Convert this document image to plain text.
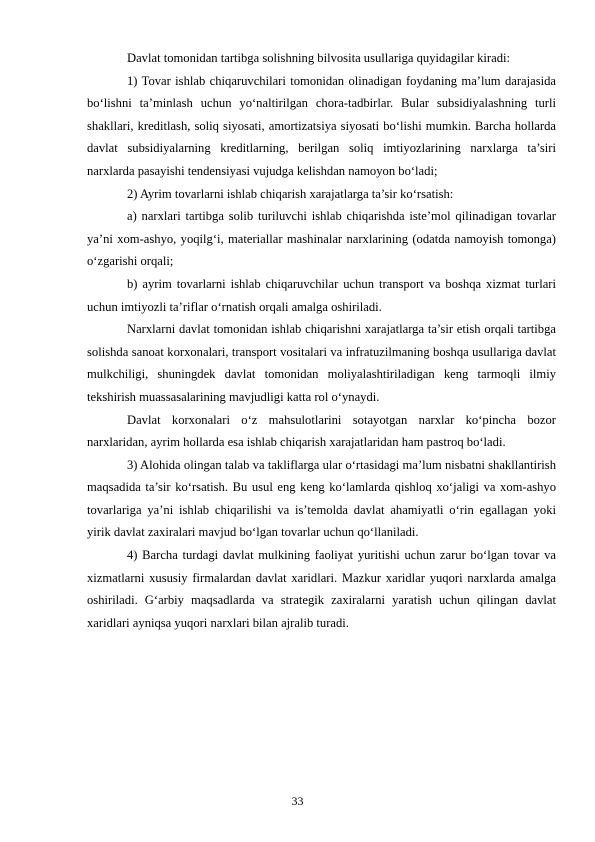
Davlat tomonidan tartibga solishning bilvosita usullariga quyidagilar kiradi:

1) Tovar ishlab chiqaruvchilari tomonidan olinadigan foydaning ma’lum darajasida bo‘lishni ta’minlash uchun yo‘naltirilgan chora-tadbirlar. Bular subsidiyalashning turli shakllari, kreditlash, soliq siyosati, amortizatsiya siyosati bo‘lishi mumkin. Barcha hollarda davlat subsidiyalarning kreditlarning, berilgan soliq imtiyozlarining narxlarga ta’siri narxlarda pasayishi tendensiyasi vujudga kelishdan namoyon bo‘ladi;

2) Ayrim tovarlarni ishlab chiqarish xarajatlarga ta’sir ko‘rsatish:

a) narxlari tartibga solib turiluvchi ishlab chiqarishda iste’mol qilinadigan tovarlar ya’ni xom-ashyo, yoqilg‘i, materiallar mashinalar narxlarining (odatda namoyish tomonga) o‘zgarishi orqali;

b) ayrim tovarlarni ishlab chiqaruvchilar uchun transport va boshqa xizmat turlari uchun imtiyozli ta’riflar o‘rnatish orqali amalga oshiriladi.

Narxlarni davlat tomonidan ishlab chiqarishni xarajatlarga ta’sir etish orqali tartibga solishda sanoat korxonalari, transport vositalari va infratuzilmaning boshqa usullariga davlat mulkchiligi, shuningdek davlat tomonidan moliyalashtiriladigan keng tarmoqli ilmiy tekshirish muassasalarining mavjudligi katta rol o‘ynaydi.

Davlat korxonalari o‘z mahsulotlarini sotayotgan narxlar ko‘pincha bozor narxlaridan, ayrim hollarda esa ishlab chiqarish xarajatlaridan ham pastroq bo‘ladi.

3) Alohida olingan talab va takliflarga ular o‘rtasidagi ma’lum nisbatni shakllantirish maqsadida ta’sir ko‘rsatish. Bu usul eng keng ko‘lamlarda qishloq xo‘jaligi va xom-ashyo tovarlariga ya’ni ishlab chiqarilishi va is’temolda davlat ahamiyatli o‘rin egallagan yoki yirik davlat zaxiralari mavjud bo‘lgan tovarlar uchun qo‘llaniladi.

4) Barcha turdagi davlat mulkining faoliyat yuritishi uchun zarur bo‘lgan tovar va xizmatlarni xususiy firmalardan davlat xaridlari. Mazkur xaridlar yuqori narxlarda amalga oshiriladi. G‘arbiy maqsadlarda va strategik zaxiralarni yaratish uchun qilingan davlat xaridlari ayniqsa yuqori narxlari bilan ajralib turadi.

33
